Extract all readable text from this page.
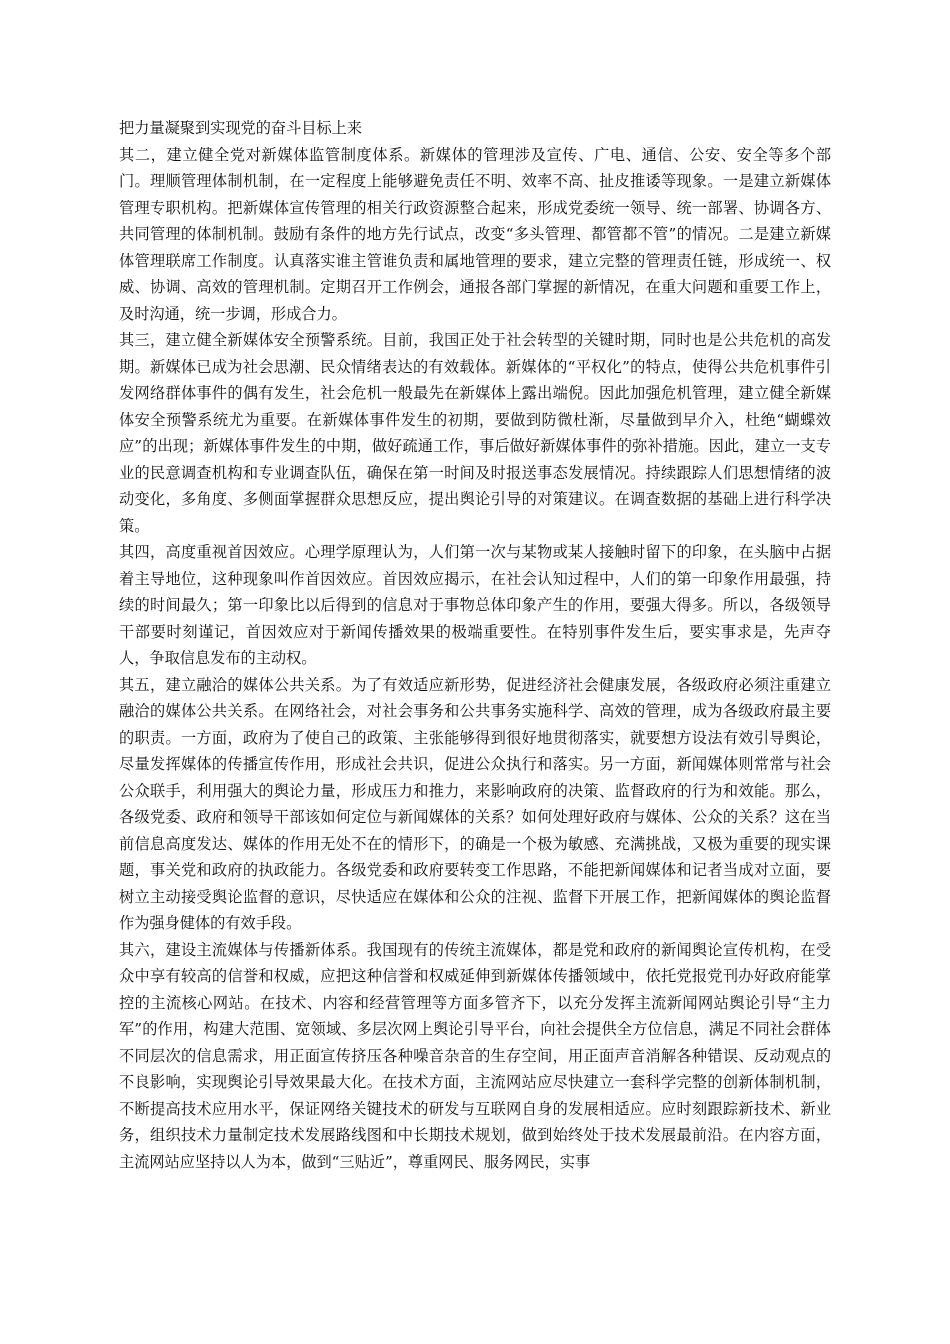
把力量凝聚到实现党的奋斗目标上来

其二，建立健全党对新媒体监管制度体系。新媒体的管理涉及宣传、广电、通信、公安、安全等多个部门。理顺管理体制机制，在一定程度上能够避免责任不明、效率不高、扯皮推诿等现象。一是建立新媒体管理专职机构。把新媒体宣传管理的相关行政资源整合起来，形成党委统一领导、统一部署、协调各方、共同管理的体制机制。鼓励有条件的地方先行试点，改变“多头管理、都管都不管”的情况。二是建立新媒体管理联席工作制度。认真落实谁主管谁负责和属地管理的要求，建立完整的管理责任链，形成统一、权威、协调、高效的管理机制。定期召开工作例会，通报各部门掌握的新情况，在重大问题和重要工作上，及时沟通，统一步调，形成合力。

其三，建立健全新媒体安全预警系统。目前，我国正处于社会转型的关键时期，同时也是公共危机的高发期。新媒体已成为社会思潮、民众情绪表达的有效载体。新媒体的“平权化”的特点，使得公共危机事件引发网络群体事件的偶有发生，社会危机一般最先在新媒体上露出端倪。因此加强危机管理，建立健全新媒体安全预警系统尤为重要。在新媒体事件发生的初期，要做到防微杜渐，尽量做到早介入，杜绝“蝴蝶效应”的出现；新媒体事件发生的中期，做好疏通工作，事后做好新媒体事件的弥补措施。因此，建立一支专业的民意调查机构和专业调查队伍，确保在第一时间及时报送事态发展情况。持续跟踪人们思想情绪的波动变化，多角度、多侧面掌握群众思想反应，提出舆论引导的对策建议。在调查数据的基础上进行科学决策。

其四，高度重视首因效应。心理学原理认为，人们第一次与某物或某人接触时留下的印象，在头脑中占据着主导地位，这种现象叫作首因效应。首因效应揭示，在社会认知过程中，人们的第一印象作用最强，持续的时间最久；第一印象比以后得到的信息对于事物总体印象产生的作用，要强大得多。所以，各级领导干部要时刻谨记，首因效应对于新闻传播效果的极端重要性。在特别事件发生后，要实事求是，先声夺人，争取信息发布的主动权。

其五，建立融洽的媒体公共关系。为了有效适应新形势，促进经济社会健康发展，各级政府必须注重建立融洽的媒体公共关系。在网络社会，对社会事务和公共事务实施科学、高效的管理，成为各级政府最主要的职责。一方面，政府为了使自己的政策、主张能够得到很好地贯彻落实，就要想方设法有效引导舆论，尽量发挥媒体的传播宣传作用，形成社会共识，促进公众执行和落实。另一方面，新闻媒体则常常与社会公众联手，利用强大的舆论力量，形成压力和推力，来影响政府的决策、监督政府的行为和效能。那么，各级党委、政府和领导干部该如何定位与新闻媒体的关系？如何处理好政府与媒体、公众的关系？这在当前信息高度发达、媒体的作用无处不在的情形下，的确是一个极为敏感、充满挑战，又极为重要的现实课题，事关党和政府的执政能力。各级党委和政府要转变工作思路，不能把新闻媒体和记者当成对立面，要树立主动接受舆论监督的意识，尽快适应在媒体和公众的注视、监督下开展工作，把新闻媒体的舆论监督作为强身健体的有效手段。

其六，建设主流媒体与传播新体系。我国现有的传统主流媒体，都是党和政府的新闻舆论宣传机构，在受众中享有较高的信誉和权威，应把这种信誉和权威延伸到新媒体传播领域中，依托党报党刊办好政府能掌控的主流核心网站。在技术、内容和经营管理等方面多管齐下，以充分发挥主流新闻网站舆论引导“主力军”的作用，构建大范围、宽领域、多层次网上舆论引导平台，向社会提供全方位信息，满足不同社会群体不同层次的信息需求，用正面宣传挤压各种噪音杂音的生存空间，用正面声音消解各种错误、反动观点的不良影响，实现舆论引导效果最大化。在技术方面，主流网站应尽快建立一套科学完整的创新体制机制，不断提高技术应用水平，保证网络关键技术的研发与互联网自身的发展相适应。应时刻跟踪新技术、新业务，组织技术力量制定技术发展路线图和中长期技术规划，做到始终处于技术发展最前沿。在内容方面，主流网站应坚持以人为本，做到“三贴近”，尊重网民、服务网民，实事
